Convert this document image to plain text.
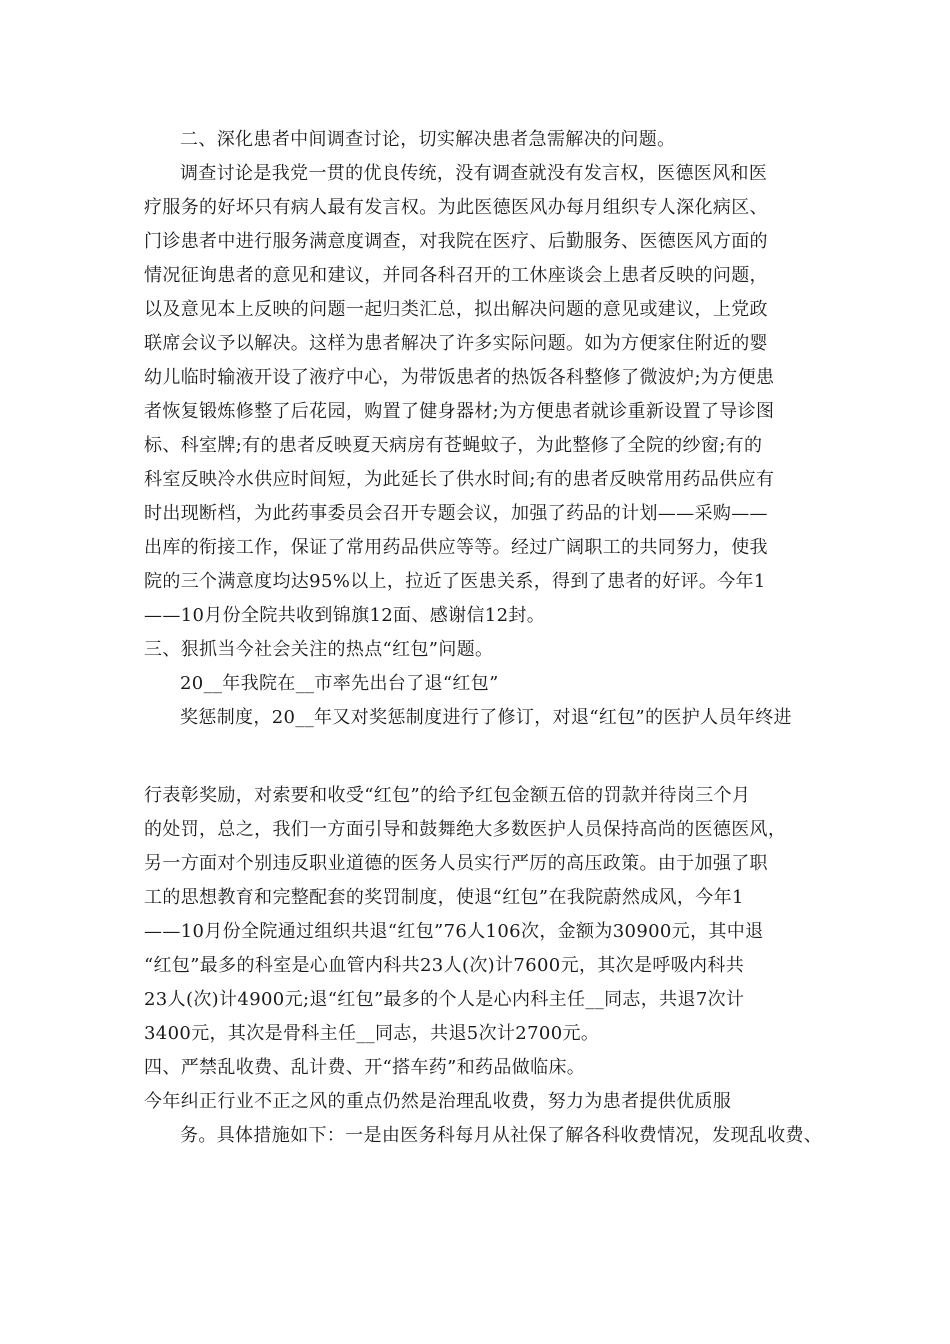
二、深化患者中间调查讨论，切实解决患者急需解决的问题。
调查讨论是我党一贯的优良传统，没有调查就没有发言权，医德医风和医
疗服务的好坏只有病人最有发言权。为此医德医风办每月组织专人深化病区、
门诊患者中进行服务满意度调查，对我院在医疗、后勤服务、医德医风方面的
情况征询患者的意见和建议，并同各科召开的工休座谈会上患者反映的问题，
以及意见本上反映的问题一起归类汇总，拟出解决问题的意见或建议，上党政
联席会议予以解决。这样为患者解决了许多实际问题。如为方便家住附近的婴
幼儿临时输液开设了液疗中心，为带饭患者的热饭各科整修了微波炉;为方便患
者恢复锻炼修整了后花园，购置了健身器材;为方便患者就诊重新设置了导诊图
标、科室牌;有的患者反映夏天病房有苍蝇蚊子，为此整修了全院的纱窗;有的
科室反映冷水供应时间短，为此延长了供水时间;有的患者反映常用药品供应有
时出现断档，为此药事委员会召开专题会议，加强了药品的计划——采购——
出库的衔接工作，保证了常用药品供应等等。经过广阔职工的共同努力，使我
院的三个满意度均达95%以上，拉近了医患关系，得到了患者的好评。今年1
——10月份全院共收到锦旗12面、感谢信12封。
三、狠抓当今社会关注的热点“红包”问题。
20__年我院在__市率先出台了退“红包”
奖惩制度，20__年又对奖惩制度进行了修订，对退“红包”的医护人员年终进
行表彰奖励，对索要和收受“红包”的给予红包金额五倍的罚款并待岗三个月
的处罚，总之，我们一方面引导和鼓舞绝大多数医护人员保持高尚的医德医风，
另一方面对个别违反职业道德的医务人员实行严厉的高压政策。由于加强了职
工的思想教育和完整配套的奖罚制度，使退“红包”在我院蔚然成风，今年1
——10月份全院通过组织共退“红包”76人106次，金额为30900元，其中退
“红包”最多的科室是心血管内科共23人(次)计7600元，其次是呼吸内科共
23人(次)计4900元;退“红包”最多的个人是心内科主任__同志，共退7次计
3400元，其次是骨科主任__同志，共退5次计2700元。
四、严禁乱收费、乱计费、开“搭车药”和药品做临床。
今年纠正行业不正之风的重点仍然是治理乱收费，努力为患者提供优质服
务。具体措施如下：一是由医务科每月从社保了解各科收费情况，发现乱收费、
